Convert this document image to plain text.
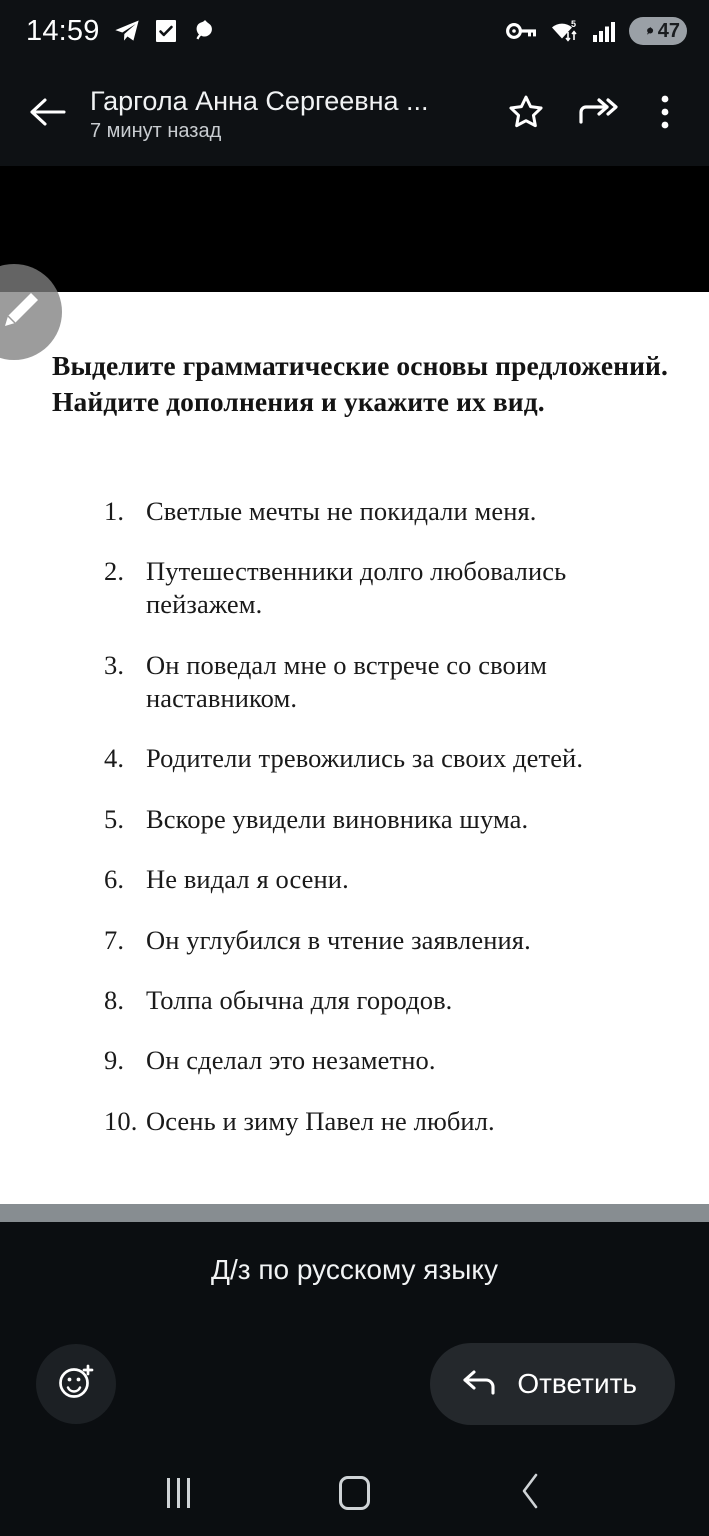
14:59	5	47
Гаргола Анна Сергеевна ...
7 минут назад
Выделите грамматические основы предложений. Найдите дополнения и укажите их вид.
1. Светлые мечты не покидали меня.
2. Путешественники долго любовались пейзажем.
3. Он поведал мне о встрече со своим наставником.
4. Родители тревожились за своих детей.
5. Вскоре увидели виновника шума.
6. Не видал я осени.
7. Он углубился в чтение заявления.
8. Толпа обычна для городов.
9. Он сделал это незаметно.
10. Осень и зиму Павел не любил.
Д/з по русскому языку
Ответить
